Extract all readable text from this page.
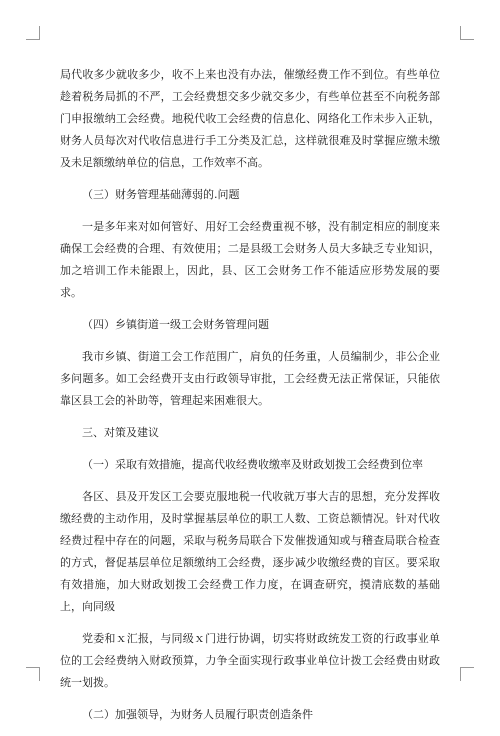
局代收多少就收多少，收不上来也没有办法，催缴经费工作不到位。有些单位趁着税务局抓的不严，工会经费想交多少就交多少，有些单位甚至不向税务部门申报缴纳工会经费。地税代收工会经费的信息化、网络化工作未步入正轨，财务人员每次对代收信息进行手工分类及汇总，这样就很难及时掌握应缴未缴及未足额缴纳单位的信息，工作效率不高。

（三）财务管理基础薄弱的.问题

一是多年来对如何管好、用好工会经费重视不够，没有制定相应的制度来确保工会经费的合理、有效使用；二是县级工会财务人员大多缺乏专业知识，加之培训工作未能跟上，因此，县、区工会财务工作不能适应形势发展的要求。

（四）乡镇街道一级工会财务管理问题

我市乡镇、街道工会工作范围广，肩负的任务重，人员编制少，非公企业多问题多。如工会经费开支由行政领导审批，工会经费无法正常保证，只能依靠区县工会的补助等，管理起来困难很大。

三、对策及建议

（一）采取有效措施，提高代收经费收缴率及财政划拨工会经费到位率

各区、县及开发区工会要克服地税一代收就万事大吉的思想，充分发挥收缴经费的主动作用，及时掌握基层单位的职工人数、工资总额情况。针对代收经费过程中存在的问题，采取与税务局联合下发催拨通知或与稽查局联合检查的方式，督促基层单位足额缴纳工会经费，逐步减少收缴经费的盲区。要采取有效措施，加大财政划拨工会经费工作力度，在调查研究，摸清底数的基础上，向同级

党委和ｘ汇报，与同级ｘ门进行协调，切实将财政统发工资的行政事业单位的工会经费纳入财政预算，力争全面实现行政事业单位计拨工会经费由财政统一划拨。

（二）加强领导，为财务人员履行职责创造条件
